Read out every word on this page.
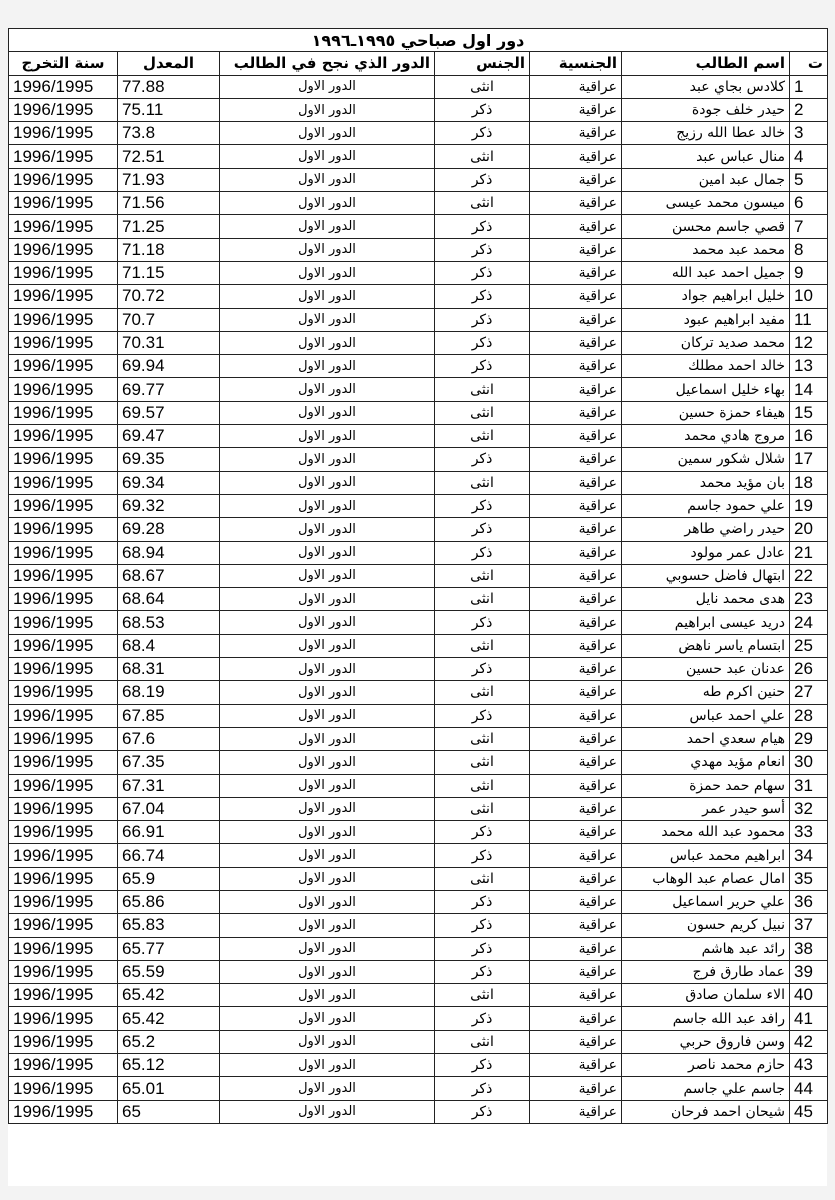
دور اول صباحي ١٩٩٥ـ١٩٩٦						
ت	اسم الطالب	الجنسية	الجنس	الدور الذي نجح في الطالب	المعدل	سنة التخرج
1	كلادس بجاي عبد	عراقية	انثى	الدور الاول	77.88	1996/1995
2	حيدر خلف جودة	عراقية	ذكر	الدور الاول	75.11	1996/1995
3	خالد عطا الله رزيج	عراقية	ذكر	الدور الاول	73.8	1996/1995
4	منال عباس عبد	عراقية	انثى	الدور الاول	72.51	1996/1995
5	جمال عبد امين	عراقية	ذكر	الدور الاول	71.93	1996/1995
6	ميسون محمد عيسى	عراقية	انثى	الدور الاول	71.56	1996/1995
7	قصي جاسم محسن	عراقية	ذكر	الدور الاول	71.25	1996/1995
8	محمد عبد محمد	عراقية	ذكر	الدور الاول	71.18	1996/1995
9	جميل احمد عبد الله	عراقية	ذكر	الدور الاول	71.15	1996/1995
10	خليل ابراهيم جواد	عراقية	ذكر	الدور الاول	70.72	1996/1995
11	مفيد ابراهيم عبود	عراقية	ذكر	الدور الاول	70.7	1996/1995
12	محمد صديد تركان	عراقية	ذكر	الدور الاول	70.31	1996/1995
13	خالد احمد مطلك	عراقية	ذكر	الدور الاول	69.94	1996/1995
14	بهاء خليل اسماعيل	عراقية	انثى	الدور الاول	69.77	1996/1995
15	هيفاء حمزة حسين	عراقية	انثى	الدور الاول	69.57	1996/1995
16	مروج هادي محمد	عراقية	انثى	الدور الاول	69.47	1996/1995
17	شلال شكور سمين	عراقية	ذكر	الدور الاول	69.35	1996/1995
18	بان مؤيد محمد	عراقية	انثى	الدور الاول	69.34	1996/1995
19	علي حمود جاسم	عراقية	ذكر	الدور الاول	69.32	1996/1995
20	حيدر راضي طاهر	عراقية	ذكر	الدور الاول	69.28	1996/1995
21	عادل عمر مولود	عراقية	ذكر	الدور الاول	68.94	1996/1995
22	ابتهال فاضل حسوبي	عراقية	انثى	الدور الاول	68.67	1996/1995
23	هدى محمد نايل	عراقية	انثى	الدور الاول	68.64	1996/1995
24	دريد عيسى ابراهيم	عراقية	ذكر	الدور الاول	68.53	1996/1995
25	ابتسام ياسر ناهض	عراقية	انثى	الدور الاول	68.4	1996/1995
26	عدنان عبد حسين	عراقية	ذكر	الدور الاول	68.31	1996/1995
27	حنين اكرم طه	عراقية	انثى	الدور الاول	68.19	1996/1995
28	علي احمد عباس	عراقية	ذكر	الدور الاول	67.85	1996/1995
29	هيام سعدي احمد	عراقية	انثى	الدور الاول	67.6	1996/1995
30	انعام مؤيد مهدي	عراقية	انثى	الدور الاول	67.35	1996/1995
31	سهام حمد حمزة	عراقية	انثى	الدور الاول	67.31	1996/1995
32	أسو حيدر عمر	عراقية	انثى	الدور الاول	67.04	1996/1995
33	محمود عبد الله محمد	عراقية	ذكر	الدور الاول	66.91	1996/1995
34	ابراهيم محمد عباس	عراقية	ذكر	الدور الاول	66.74	1996/1995
35	امال عصام عبد الوهاب	عراقية	انثى	الدور الاول	65.9	1996/1995
36	علي حرير اسماعيل	عراقية	ذكر	الدور الاول	65.86	1996/1995
37	نبيل كريم حسون	عراقية	ذكر	الدور الاول	65.83	1996/1995
38	رائد عبد هاشم	عراقية	ذكر	الدور الاول	65.77	1996/1995
39	عماد طارق فرج	عراقية	ذكر	الدور الاول	65.59	1996/1995
40	الاء سلمان صادق	عراقية	انثى	الدور الاول	65.42	1996/1995
41	رافد عبد الله جاسم	عراقية	ذكر	الدور الاول	65.42	1996/1995
42	وسن فاروق حربي	عراقية	انثى	الدور الاول	65.2	1996/1995
43	حازم محمد ناصر	عراقية	ذكر	الدور الاول	65.12	1996/1995
44	جاسم علي جاسم	عراقية	ذكر	الدور الاول	65.01	1996/1995
45	شيحان احمد فرحان	عراقية	ذكر	الدور الاول	65	1996/1995
